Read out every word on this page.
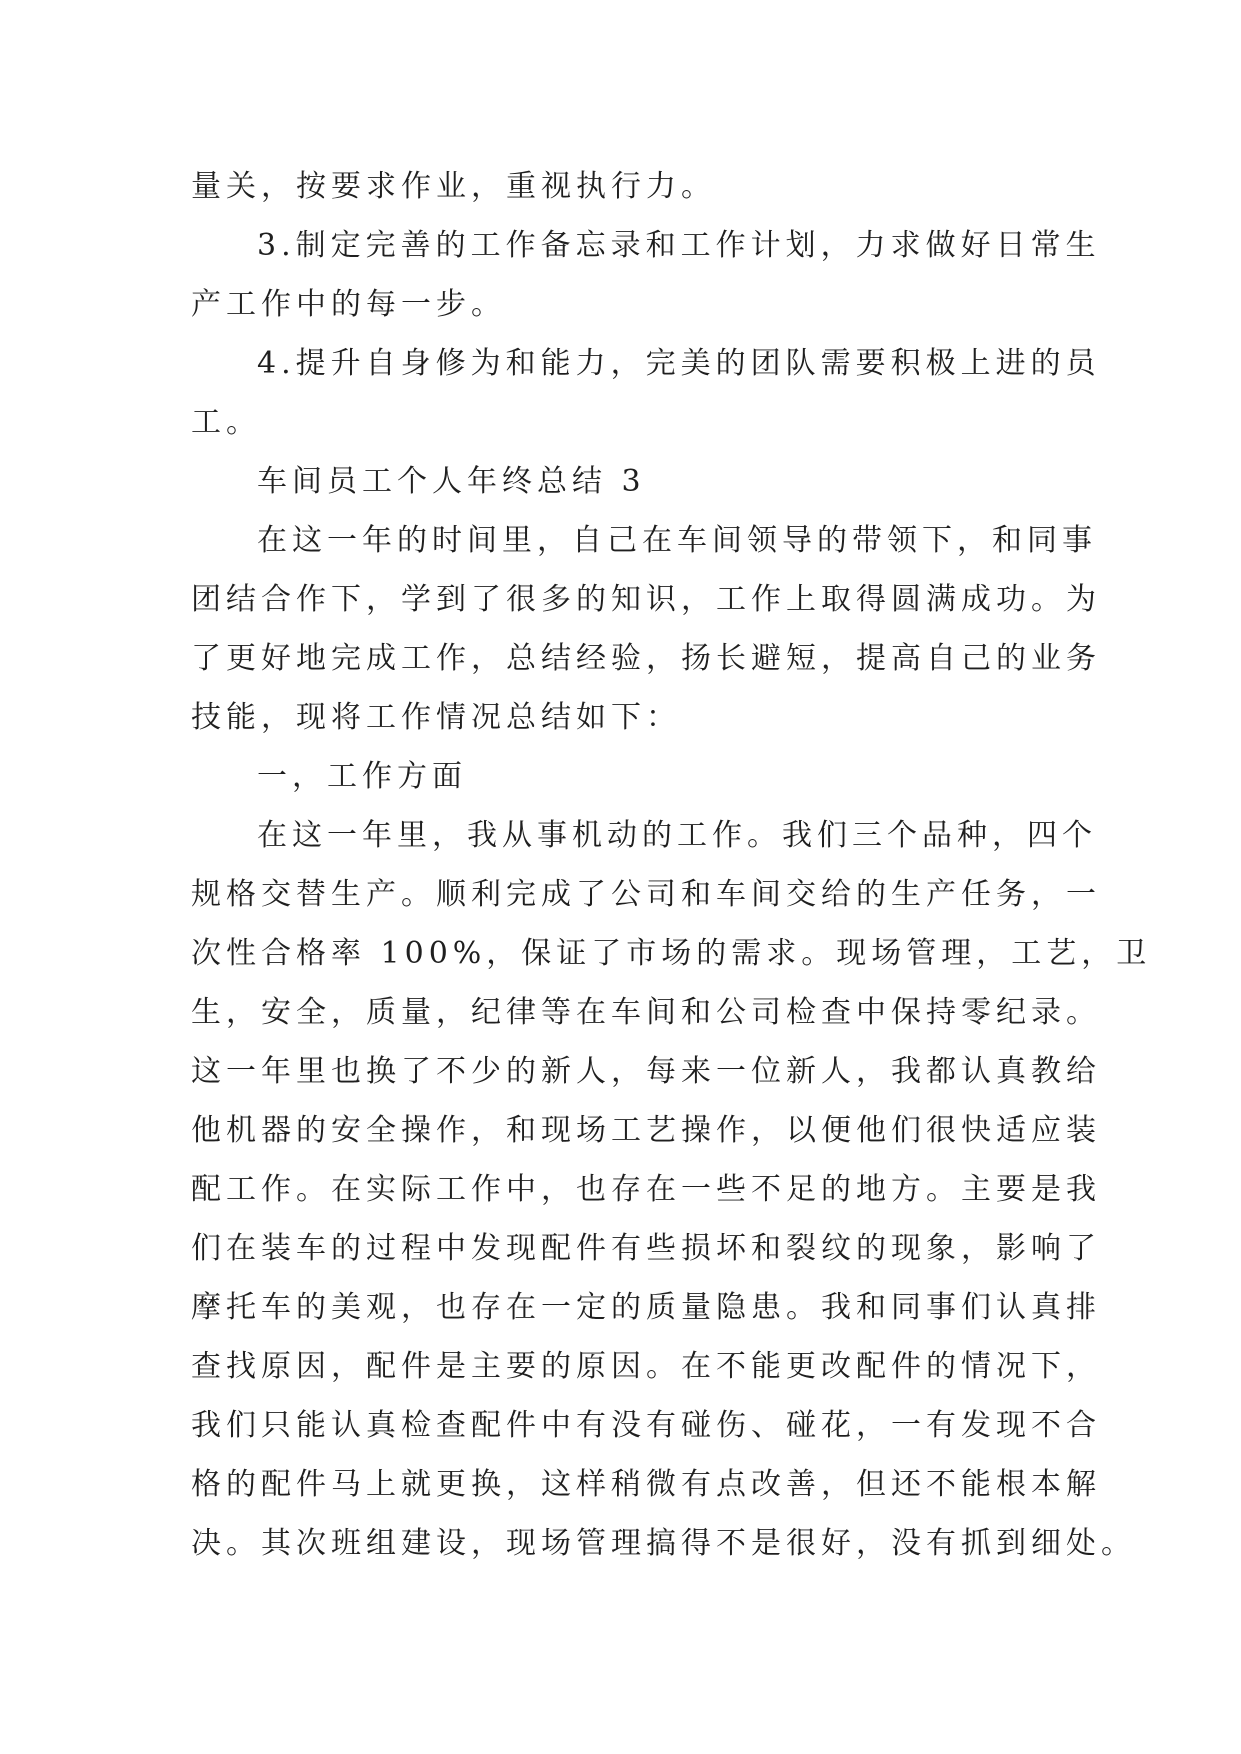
量关，按要求作业，重视执行力。
3.制定完善的工作备忘录和工作计划，力求做好日常生
产工作中的每一步。
4.提升自身修为和能力，完美的团队需要积极上进的员
工。
车间员工个人年终总结 3
在这一年的时间里，自己在车间领导的带领下，和同事
团结合作下，学到了很多的知识，工作上取得圆满成功。为
了更好地完成工作，总结经验，扬长避短，提高自己的业务
技能，现将工作情况总结如下：
一，工作方面
在这一年里，我从事机动的工作。我们三个品种，四个
规格交替生产。顺利完成了公司和车间交给的生产任务，一
次性合格率 100%，保证了市场的需求。现场管理，工艺，卫
生，安全，质量，纪律等在车间和公司检查中保持零纪录。
这一年里也换了不少的新人，每来一位新人，我都认真教给
他机器的安全操作，和现场工艺操作，以便他们很快适应装
配工作。在实际工作中，也存在一些不足的地方。主要是我
们在装车的过程中发现配件有些损坏和裂纹的现象，影响了
摩托车的美观，也存在一定的质量隐患。我和同事们认真排
查找原因，配件是主要的原因。在不能更改配件的情况下，
我们只能认真检查配件中有没有碰伤、碰花，一有发现不合
格的配件马上就更换，这样稍微有点改善，但还不能根本解
决。其次班组建设，现场管理搞得不是很好，没有抓到细处。
